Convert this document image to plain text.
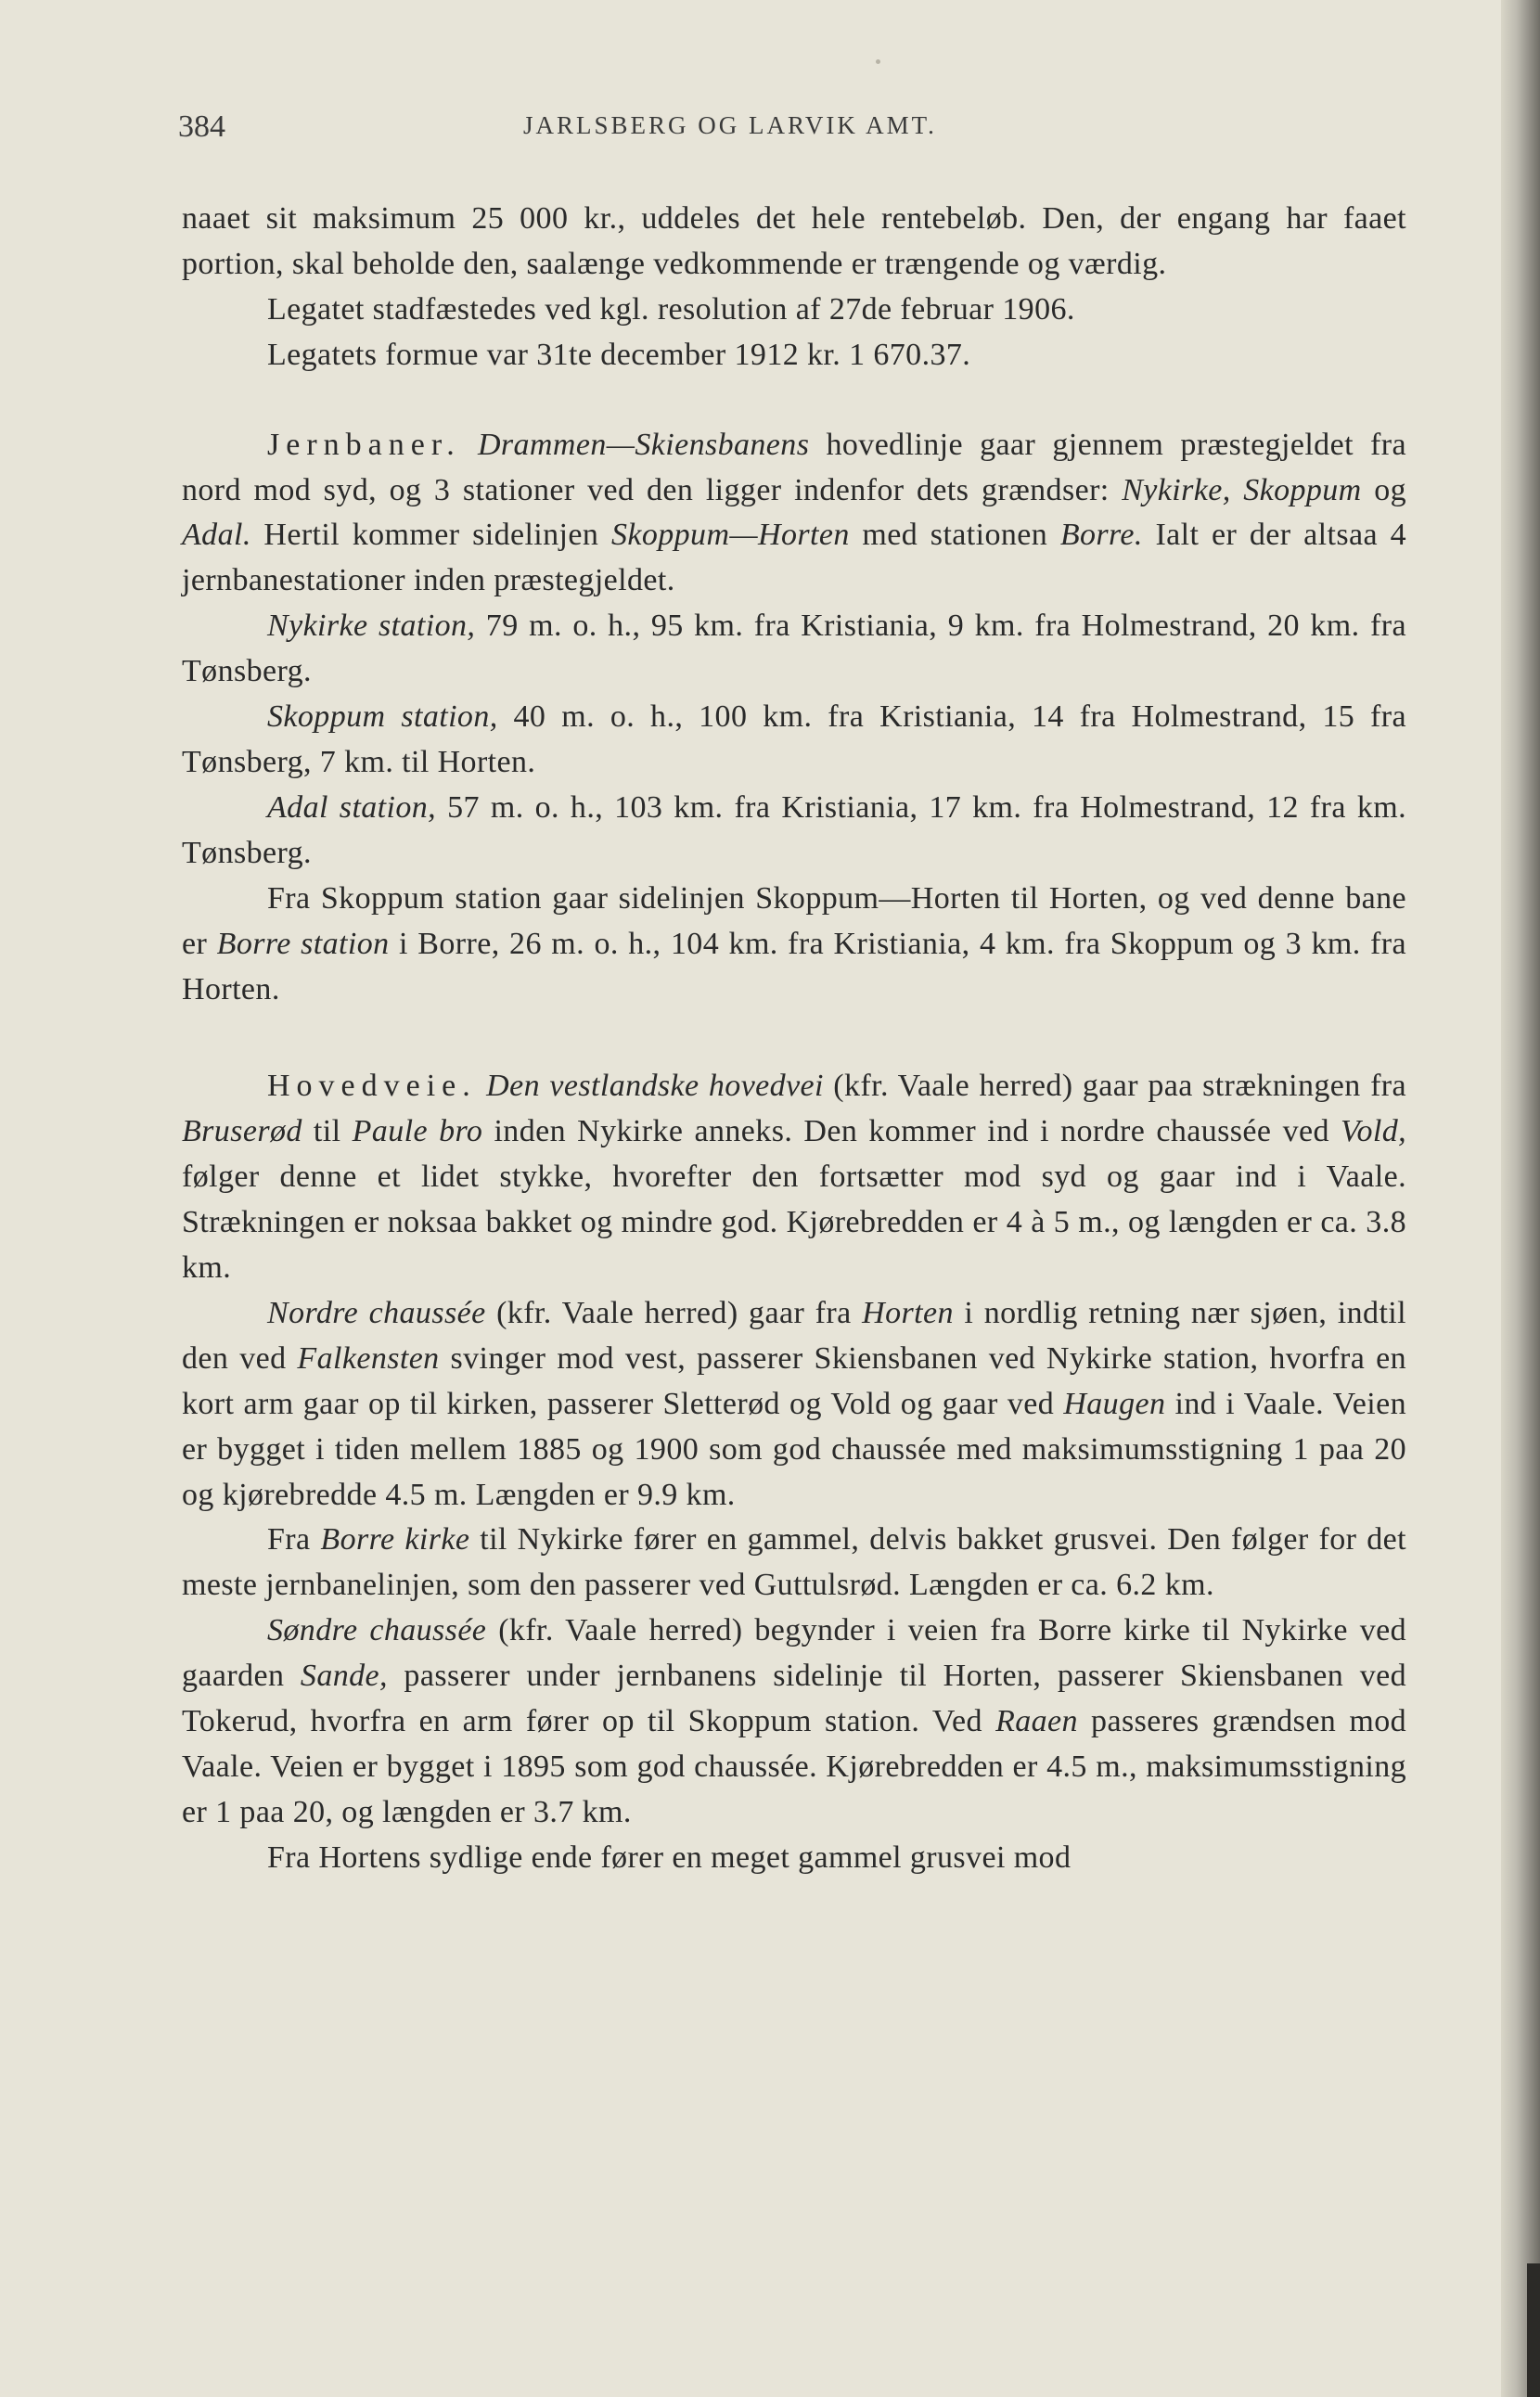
384	JARLSBERG OG LARVIK AMT.

naaet sit maksimum 25 000 kr., uddeles det hele rentebeløb. Den, der engang har faaet portion, skal beholde den, saalænge vedkommende er trængende og værdig.

Legatet stadfæstedes ved kgl. resolution af 27de februar 1906.

Legatets formue var 31te december 1912 kr. 1 670.37.

Jernbaner. Drammen—Skiensbanens hovedlinje gaar gjennem præstegjeldet fra nord mod syd, og 3 stationer ved den ligger indenfor dets grændser: Nykirke, Skoppum og Adal. Hertil kommer sidelinjen Skoppum—Horten med stationen Borre. Ialt er der altsaa 4 jernbanestationer inden præstegjeldet.

Nykirke station, 79 m. o. h., 95 km. fra Kristiania, 9 km. fra Holmestrand, 20 km. fra Tønsberg.

Skoppum station, 40 m. o. h., 100 km. fra Kristiania, 14 fra Holmestrand, 15 fra Tønsberg, 7 km. til Horten.

Adal station, 57 m. o. h., 103 km. fra Kristiania, 17 km. fra Holmestrand, 12 fra km. Tønsberg.

Fra Skoppum station gaar sidelinjen Skoppum—Horten til Horten, og ved denne bane er Borre station i Borre, 26 m. o. h., 104 km. fra Kristiania, 4 km. fra Skoppum og 3 km. fra Horten.

Hovedveie. Den vestlandske hovedvei (kfr. Vaale herred) gaar paa strækningen fra Bruserød til Paule bro inden Nykirke anneks. Den kommer ind i nordre chaussée ved Vold, følger denne et lidet stykke, hvorefter den fortsætter mod syd og gaar ind i Vaale. Strækningen er noksaa bakket og mindre god. Kjørebredden er 4 à 5 m., og længden er ca. 3.8 km.

Nordre chaussée (kfr. Vaale herred) gaar fra Horten i nordlig retning nær sjøen, indtil den ved Falkensten svinger mod vest, passerer Skiensbanen ved Nykirke station, hvorfra en kort arm gaar op til kirken, passerer Sletterød og Vold og gaar ved Haugen ind i Vaale. Veien er bygget i tiden mellem 1885 og 1900 som god chaussée med maksimumsstigning 1 paa 20 og kjørebredde 4.5 m. Længden er 9.9 km.

Fra Borre kirke til Nykirke fører en gammel, delvis bakket grusvei. Den følger for det meste jernbanelinjen, som den passerer ved Guttulsrød. Længden er ca. 6.2 km.

Søndre chaussée (kfr. Vaale herred) begynder i veien fra Borre kirke til Nykirke ved gaarden Sande, passerer under jernbanens sidelinje til Horten, passerer Skiensbanen ved Tokerud, hvorfra en arm fører op til Skoppum station. Ved Raaen passeres grændsen mod Vaale. Veien er bygget i 1895 som god chaussée. Kjørebredden er 4.5 m., maksimumsstigning er 1 paa 20, og længden er 3.7 km.

Fra Hortens sydlige ende fører en meget gammel grusvei mod
